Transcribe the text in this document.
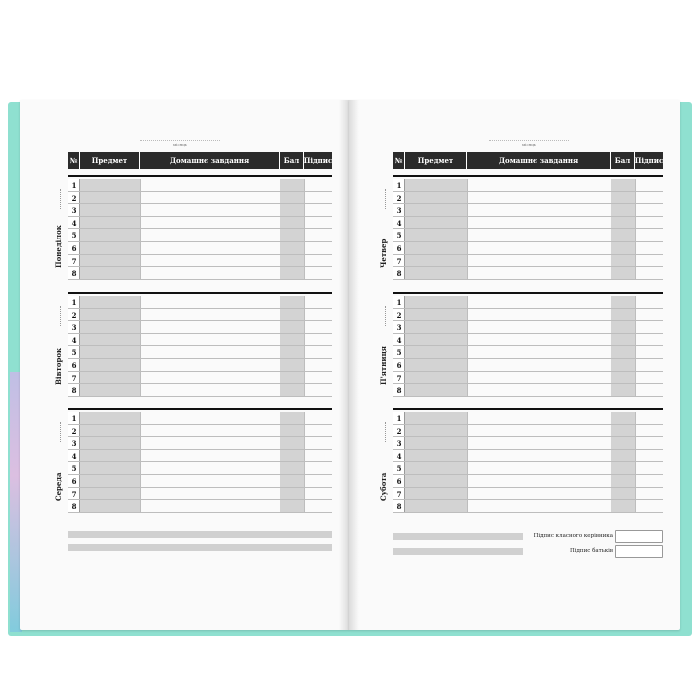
місяць
№	Предмет	Домашнє завдання	Бал Підпис
Понеділок
1
2
3
4
5
6
7
8
Вівторок
1
2
3
4
5
6
7
8
Середа
1
2
3
4
5
6
7
8
місяць
№	Предмет	Домашнє завдання	Бал Підпис
Четвер
1
2
3
4
5
6
7
8
П'ятниця
1
2
3
4
5
6
7
8
Субота
1
2
3
4
5
6
7
8
Підпис класного керівника
Підпис батьків
